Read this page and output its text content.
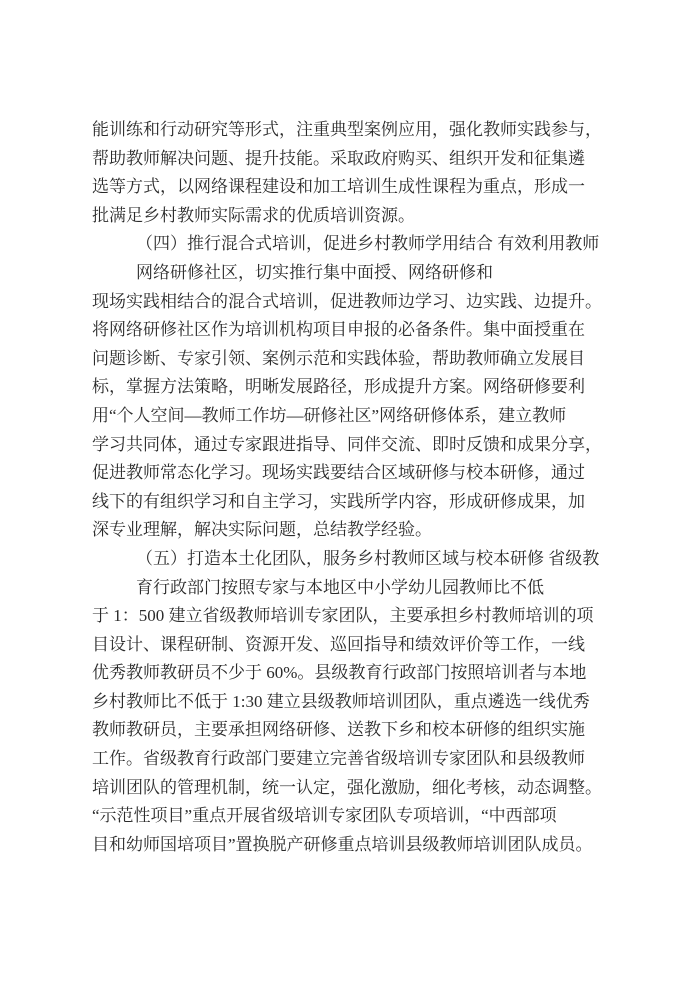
能训练和行动研究等形式，注重典型案例应用，强化教师实践参与，
帮助教师解决问题、提升技能。采取政府购买、组织开发和征集遴
选等方式，以网络课程建设和加工培训生成性课程为重点，形成一
批满足乡村教师实际需求的优质培训资源。
（四）推行混合式培训，促进乡村教师学用结合 有效利用教师
网络研修社区，切实推行集中面授、网络研修和
现场实践相结合的混合式培训，促进教师边学习、边实践、边提升。
将网络研修社区作为培训机构项目申报的必备条件。集中面授重在
问题诊断、专家引领、案例示范和实践体验，帮助教师确立发展目
标，掌握方法策略，明晰发展路径，形成提升方案。网络研修要利
用“个人空间—教师工作坊—研修社区”网络研修体系，建立教师
学习共同体，通过专家跟进指导、同伴交流、即时反馈和成果分享，
促进教师常态化学习。现场实践要结合区域研修与校本研修，通过
线下的有组织学习和自主学习，实践所学内容，形成研修成果，加
深专业理解，解决实际问题，总结教学经验。
（五）打造本土化团队，服务乡村教师区域与校本研修 省级教
育行政部门按照专家与本地区中小学幼儿园教师比不低
于 1：500 建立省级教师培训专家团队，主要承担乡村教师培训的项
目设计、课程研制、资源开发、巡回指导和绩效评价等工作，一线
优秀教师教研员不少于 60%。县级教育行政部门按照培训者与本地
乡村教师比不低于 1:30 建立县级教师培训团队，重点遴选一线优秀
教师教研员，主要承担网络研修、送教下乡和校本研修的组织实施
工作。省级教育行政部门要建立完善省级培训专家团队和县级教师
培训团队的管理机制，统一认定，强化激励，细化考核，动态调整。
“示范性项目”重点开展省级培训专家团队专项培训，“中西部项
目和幼师国培项目”置换脱产研修重点培训县级教师培训团队成员。
